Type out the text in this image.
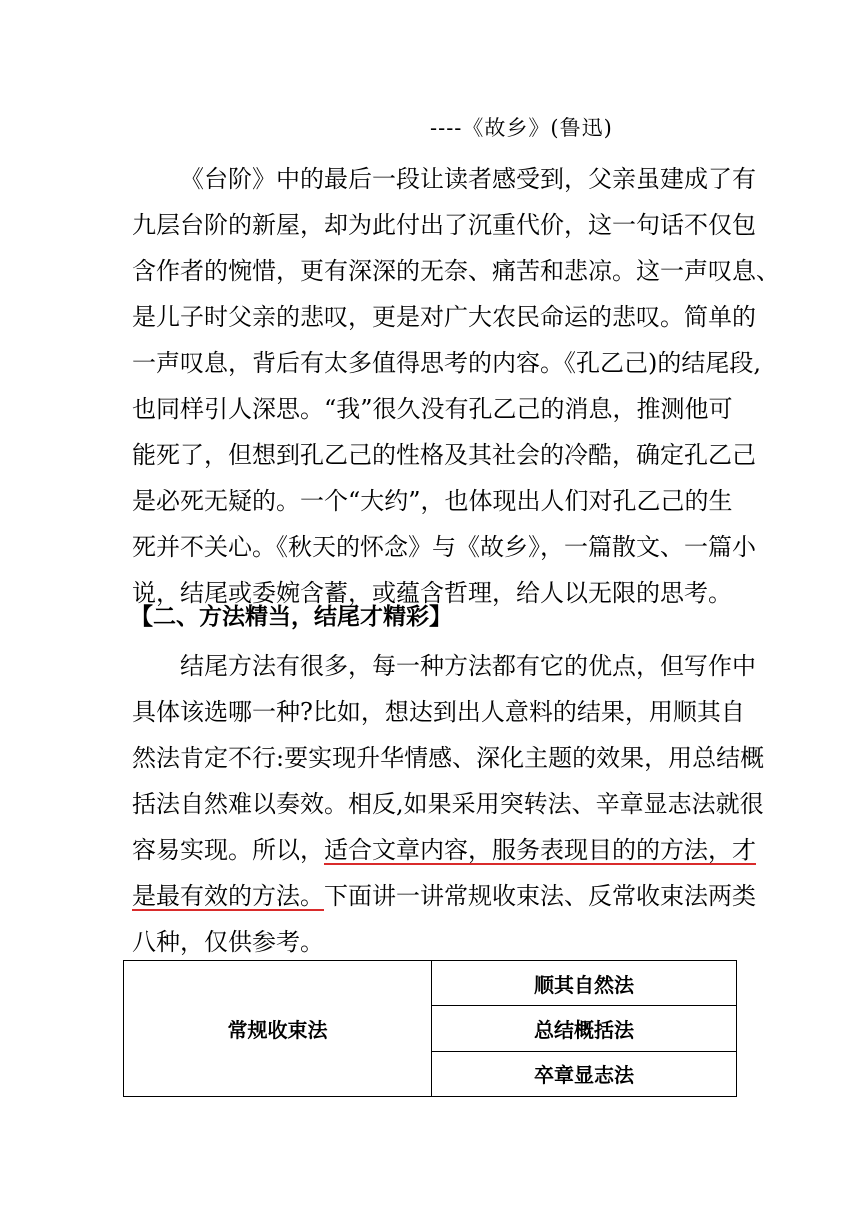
----《故乡》(鲁迅)
《台阶》中的最后一段让读者感受到，父亲虽建成了有
九层台阶的新屋，却为此付出了沉重代价，这一句话不仅包
含作者的惋惜，更有深深的无奈、痛苦和悲凉。这一声叹息、
是儿子时父亲的悲叹，更是对广大农民命运的悲叹。简单的
一声叹息，背后有太多值得思考的内容。《孔乙己)的结尾段,
也同样引人深思。“我”很久没有孔乙己的消息，推测他可
能死了，但想到孔乙己的性格及其社会的冷酷，确定孔乙己
是必死无疑的。一个“大约”，也体现出人们对孔乙己的生
死并不关心。《秋天的怀念》与《故乡》，一篇散文、一篇小
说，结尾或委婉含蓄，或蕴含哲理，给人以无限的思考。
【二、方法精当，结尾才精彩】
结尾方法有很多，每一种方法都有它的优点，但写作中
具体该选哪一种?比如，想达到出人意料的结果，用顺其自
然法肯定不行:要实现升华情感、深化主题的效果，用总结概
括法自然难以奏效。相反,如果采用突转法、辛章显志法就很
容易实现。所以，适合文章内容，服务表现目的的方法，才
是最有效的方法。下面讲一讲常规收束法、反常收束法两类
八种，仅供参考。
常规收束法	顺其自然法
总结概括法
卒章显志法
